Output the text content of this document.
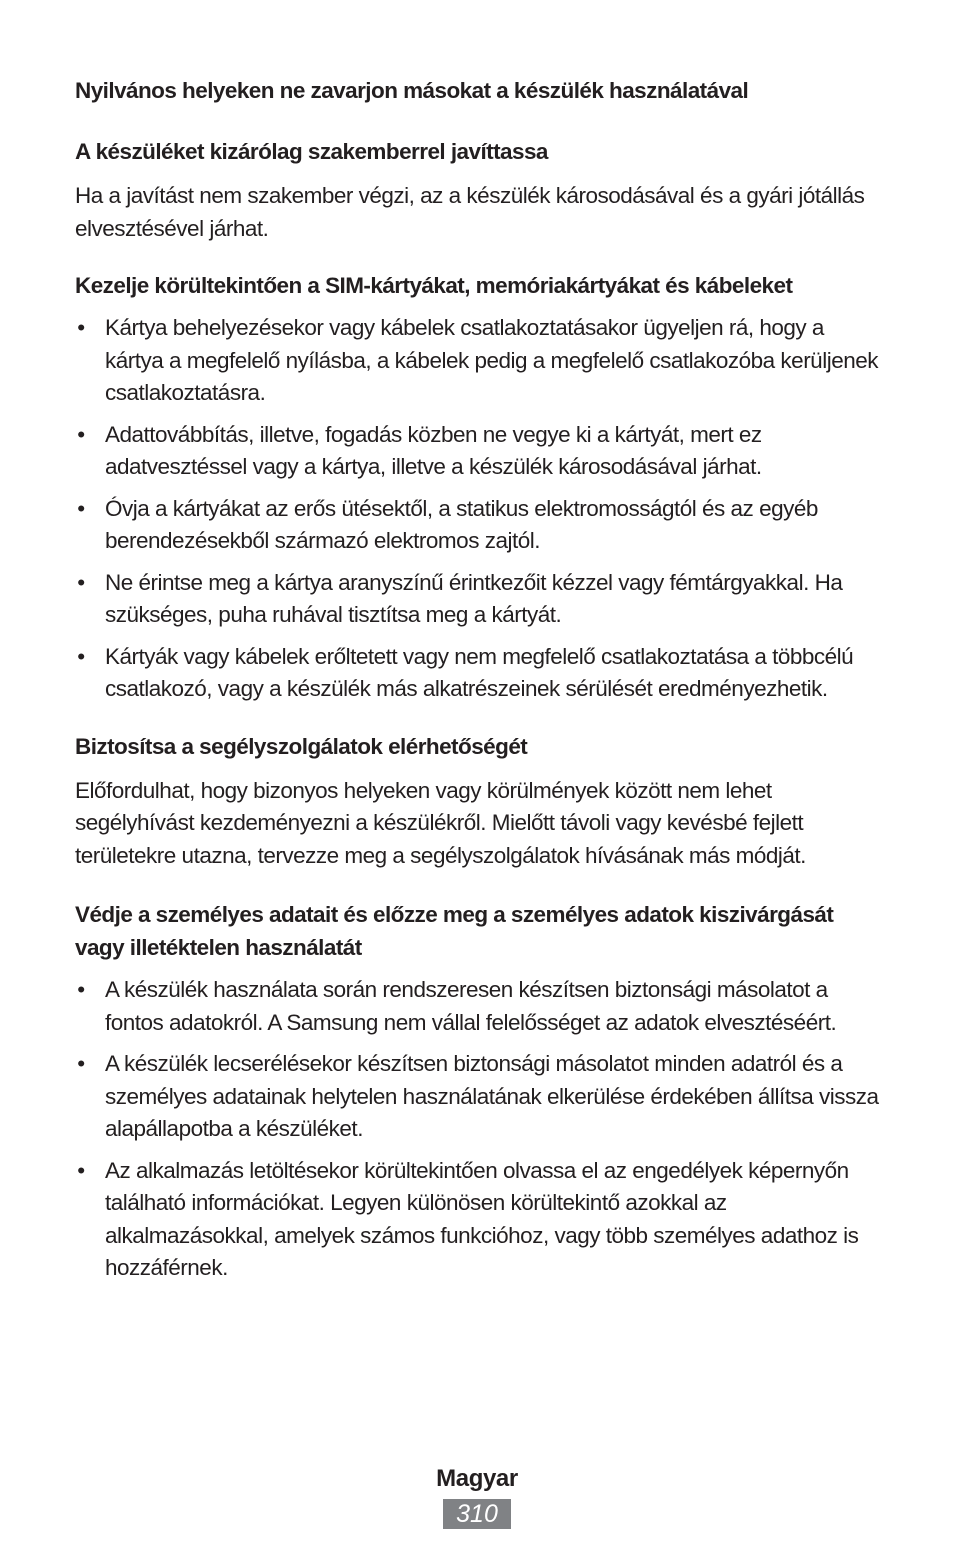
Nyilvános helyeken ne zavarjon másokat a készülék használatával
A készüléket kizárólag szakemberrel javíttassa

Ha a javítást nem szakember végzi, az a készülék károsodásával és a gyári jótállás elvesztésével járhat.

Kezelje körültekintően a SIM-kártyákat, memóriakártyákat és kábeleket
• Kártya behelyezésekor vagy kábelek csatlakoztatásakor ügyeljen rá, hogy a kártya a megfelelő nyílásba, a kábelek pedig a megfelelő csatlakozóba kerüljenek csatlakoztatásra.
• Adattovábbítás, illetve, fogadás közben ne vegye ki a kártyát, mert ez adatvesztéssel vagy a kártya, illetve a készülék károsodásával járhat.
• Óvja a kártyákat az erős ütésektől, a statikus elektromosságtól és az egyéb berendezésekből származó elektromos zajtól.
• Ne érintse meg a kártya aranyszínű érintkezőit kézzel vagy fémtárgyakkal. Ha szükséges, puha ruhával tisztítsa meg a kártyát.
• Kártyák vagy kábelek erőltetett vagy nem megfelelő csatlakoztatása a többcélú csatlakozó, vagy a készülék más alkatrészeinek sérülését eredményezhetik.
Biztosítsa a segélyszolgálatok elérhetőségét

Előfordulhat, hogy bizonyos helyeken vagy körülmények között nem lehet segélyhívást kezdeményezni a készülékről. Mielőtt távoli vagy kevésbé fejlett területekre utazna, tervezze meg a segélyszolgálatok hívásának más módját.

Védje a személyes adatait és előzze meg a személyes adatok kiszivárgását vagy illetéktelen használatát
• A készülék használata során rendszeresen készítsen biztonsági másolatot a fontos adatokról. A Samsung nem vállal felelősséget az adatok elvesztéséért.
• A készülék lecserélésekor készítsen biztonsági másolatot minden adatról és a személyes adatainak helytelen használatának elkerülése érdekében állítsa vissza alapállapotba a készüléket.
• Az alkalmazás letöltésekor körültekintően olvassa el az engedélyek képernyőn található információkat. Legyen különösen körültekintő azokkal az alkalmazásokkal, amelyek számos funkcióhoz, vagy több személyes adathoz is hozzáférnek.
Magyar
310
